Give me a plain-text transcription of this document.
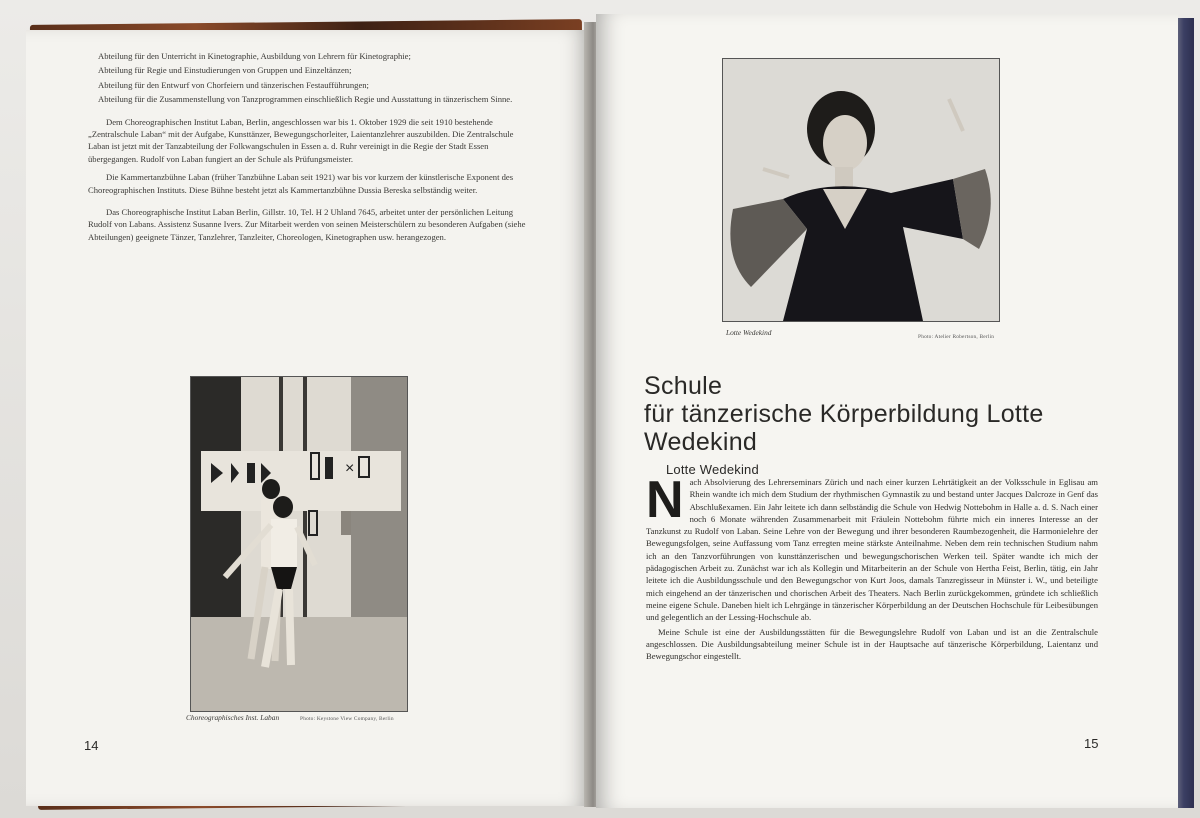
Abteilung für den Unterricht in Kinetographie, Ausbildung von Lehrern für Kinetographie;

Abteilung für Regie und Einstudierungen von Gruppen und Einzeltänzen;

Abteilung für den Entwurf von Chorfeiern und tänzerischen Festaufführungen;

Abteilung für die Zusammenstellung von Tanzprogrammen einschließlich Regie und Ausstattung in tänzerischem Sinne.

Dem Choreographischen Institut Laban, Berlin, angeschlossen war bis 1. Oktober 1929 die seit 1910 bestehende „Zentralschule Laban“ mit der Aufgabe, Kunsttänzer, Bewegungschorleiter, Laientanzlehrer auszubilden. Die Zentralschule Laban ist jetzt mit der Tanzabteilung der Folkwangschulen in Essen a. d. Ruhr vereinigt in die Regie der Stadt Essen übergegangen. Rudolf von Laban fungiert an der Schule als Prüfungsmeister.

Die Kammertanzbühne Laban (früher Tanzbühne Laban seit 1921) war bis vor kurzem der künstlerische Exponent des Choreographischen Instituts. Diese Bühne besteht jetzt als Kammertanzbühne Dussia Bereska selbständig weiter.

Das Choreographische Institut Laban Berlin, Gillstr. 10, Tel. H 2 Uhland 7645, arbeitet unter der persönlichen Leitung Rudolf von Labans. Assistenz Susanne Ivers. Zur Mitarbeit werden von seinen Meisterschülern zu besonderen Aufgaben (siehe Abteilungen) geeignete Tänzer, Tanzlehrer, Tanzleiter, Choreologen, Kinetographen usw. herangezogen.

×
Choreographisches Inst. Laban	Photo: Keystone View Company, Berlin
14
Lotte Wedekind	Photo: Atelier Robertson, Berlin
Schule
für tänzerische Körperbildung Lotte Wedekind
Lotte Wedekind

Nach Absolvierung des Lehrerseminars Zürich und nach einer kurzen Lehrtätigkeit an der Volksschule in Eglisau am Rhein wandte ich mich dem Studium der rhythmischen Gymnastik zu und bestand unter Jacques Dalcroze in Genf das Abschlußexamen. Ein Jahr leitete ich dann selbständig die Schule von Hedwig Nottebohm in Halle a. d. S. Nach einer noch 6 Monate währenden Zusammenarbeit mit Fräulein Nottebohm führte mich ein inneres Interesse an der Tanzkunst zu Rudolf von Laban. Seine Lehre von der Bewegung und ihrer besonderen Raumbezogenheit, die Harmonielehre der Bewegungsfolgen, seine Auffassung vom Tanz erregten meine stärkste Anteilnahme. Neben dem rein technischen Studium nahm ich an den Tanzvorführungen von kunsttänzerischen und bewegungschorischen Werken teil. Später wandte ich mich der pädagogischen Arbeit zu. Zunächst war ich als Kollegin und Mitarbeiterin an der Schule von Hertha Feist, Berlin, tätig, ein Jahr leitete ich die Ausbildungsschule und den Bewegungschor von Kurt Joos, damals Tanzregisseur in Münster i. W., und beteiligte mich eingehend an der tänzerischen und chorischen Arbeit des Theaters. Nach Berlin zurückgekommen, gründete ich schließlich meine eigene Schule. Daneben hielt ich Lehrgänge in tänzerischer Körperbildung an der Deutschen Hochschule für Leibesübungen und gelegentlich an der Lessing-Hochschule ab.

Meine Schule ist eine der Ausbildungsstätten für die Bewegungslehre Rudolf von Laban und ist an die Zentralschule angeschlossen. Die Ausbildungsabteilung meiner Schule ist in der Hauptsache auf tänzerische Körperbildung, Laientanz und Bewegungschor eingestellt.

15
